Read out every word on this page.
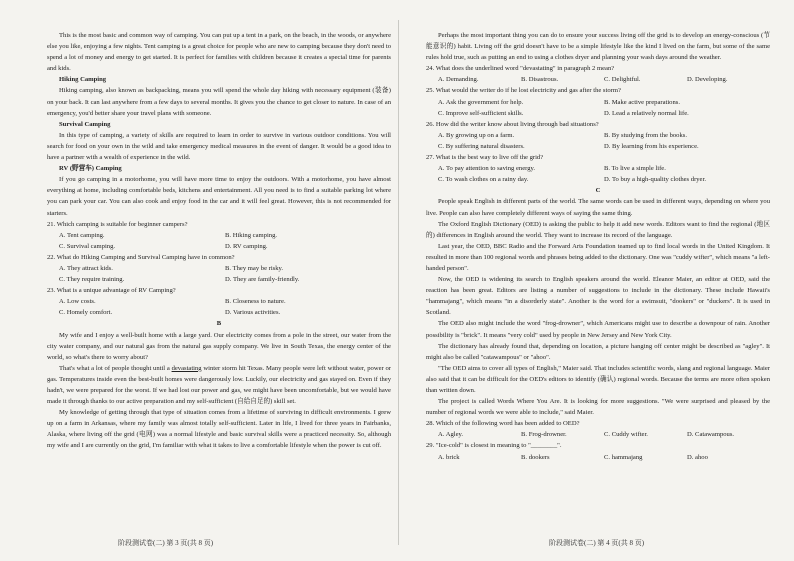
This is the most basic and common way of camping. You can put up a tent in a park, on the beach, in the woods, or anywhere else you like, enjoying a few nights. Tent camping is a great choice for people who are new to camping because they don't need to spend a lot of money and energy to get started. It is perfect for families with children because it creates a special time for parents and kids.

Hiking Camping

Hiking camping, also known as backpacking, means you will spend the whole day hiking with necessary equipment (装备) on your back. It can last anywhere from a few days to several months. It gives you the chance to get closer to nature. In case of an emergency, you'd better share your travel plans with someone.

Survival Camping

In this type of camping, a variety of skills are required to learn in order to survive in various outdoor conditions. You will search for food on your own in the wild and take emergency medical measures in the event of danger. It would be a good idea to have a partner with a wealth of experience in the wild.

RV (野营车) Camping

If you go camping in a motorhome, you will have more time to enjoy the outdoors. With a motorhome, you have almost everything at home, including comfortable beds, kitchens and entertainment. All you need is to find a suitable parking lot where you can park your car. You can also cook and enjoy food in the car and it will feel great. However, this is not recommended for starters.

21. Which camping is suitable for beginner campers?
A. Tent camping.	B. Hiking camping.
C. Survival camping.	D. RV camping.
22. What do Hiking Camping and Survival Camping have in common?
A. They attract kids.	B. They may be risky.
C. They require training.	D. They are family-friendly.
23. What is a unique advantage of RV Camping?
A. Low costs.	B. Closeness to nature.
C. Homely comfort.	D. Various activities.
B

My wife and I enjoy a well-built home with a large yard. Our electricity comes from a pole in the street, our water from the city water company, and our natural gas from the natural gas supply company. We live in South Texas, the energy center of the world, so what's there to worry about?

That's what a lot of people thought until a devastating winter storm hit Texas. Many people were left without water, power or gas. Temperatures inside even the best-built homes were dangerously low. Luckily, our electricity and gas stayed on. Even if they hadn't, we were prepared for the worst. If we had lost our power and gas, we might have been uncomfortable, but we would have made it through thanks to our active preparation and my self-sufficient (自给自足的) skill set.

My knowledge of getting through that type of situation comes from a lifetime of surviving in difficult environments. I grew up on a farm in Arkansas, where my family was almost totally self-sufficient. Later in life, I lived for three years in Fairbanks, Alaska, where living off the grid (电网) was a normal lifestyle and basic survival skills were a practiced necessity. So, although my wife and I are currently on the grid, I'm familiar with what it takes to live a comfortable lifestyle when the power is cut off.

Perhaps the most important thing you can do to ensure your success living off the grid is to develop an energy-conscious (节能意识的) habit. Living off the grid doesn't have to be a simple lifestyle like the kind I lived on the farm, but some of the same rules hold true, such as putting an end to using a clothes dryer and planning your wash days around the weather.

24. What does the underlined word "devastating" in paragraph 2 mean?
A. Demanding.	B. Disastrous.	C. Delightful.	D. Developing.
25. What would the writer do if he lost electricity and gas after the storm?
A. Ask the government for help.	B. Make active preparations.
C. Improve self-sufficient skills.	D. Lead a relatively normal life.
26. How did the writer know about living through bad situations?
A. By growing up on a farm.	B. By studying from the books.
C. By suffering natural disasters.	D. By learning from his experience.
27. What is the best way to live off the grid?
A. To pay attention to saving energy.	B. To live a simple life.
C. To wash clothes on a rainy day.	D. To buy a high-quality clothes dryer.
C

People speak English in different parts of the world. The same words can be used in different ways, depending on where you live. People can also have completely different ways of saying the same thing.

The Oxford English Dictionary (OED) is asking the public to help it add new words. Editors want to find the regional (地区的) differences in English around the world. They want to increase its record of the language.

Last year, the OED, BBC Radio and the Forward Arts Foundation teamed up to find local words in the United Kingdom. It resulted in more than 100 regional words and phrases being added to the dictionary. One was "cuddy wifter", which means "a left-handed person".

Now, the OED is widening its search to English speakers around the world. Eleanor Maier, an editor at OED, said the reaction has been great. Editors are listing a number of suggestions to include in the dictionary. These include Hawaii's "hammajang", which means "in a disorderly state". Another is the word for a swimsuit, "dookers" or "duckers". It is used in Scotland.

The OED also might include the word "frog-drowner", which Americans might use to describe a downpour of rain. Another possibility is "brick". It means "very cold" used by people in New Jersey and New York City.

The dictionary has already found that, depending on location, a picture hanging off center might be described as "agley". It might also be called "catawampous" or "ahoo".

"The OED aims to cover all types of English," Maier said. That includes scientific words, slang and regional language. Maier also said that it can be difficult for the OED's editors to identify (确认) regional words. Because the terms are more often spoken than written down.

The project is called Words Where You Are. It is looking for more suggestions. "We were surprised and pleased by the number of regional words we were able to include," said Maier.

28. Which of the following word has been added to OED?
A. Agley.	B. Frog-drowner.	C. Cuddy wifter.	D. Catawampous.
29. "Ice-cold" is closest in meaning to "________".
A. brick	B. dookers	C. hammajang	D. ahoo
阶段测试卷(二) 第 3 页(共 8 页)	阶段测试卷(二) 第 4 页(共 8 页)
